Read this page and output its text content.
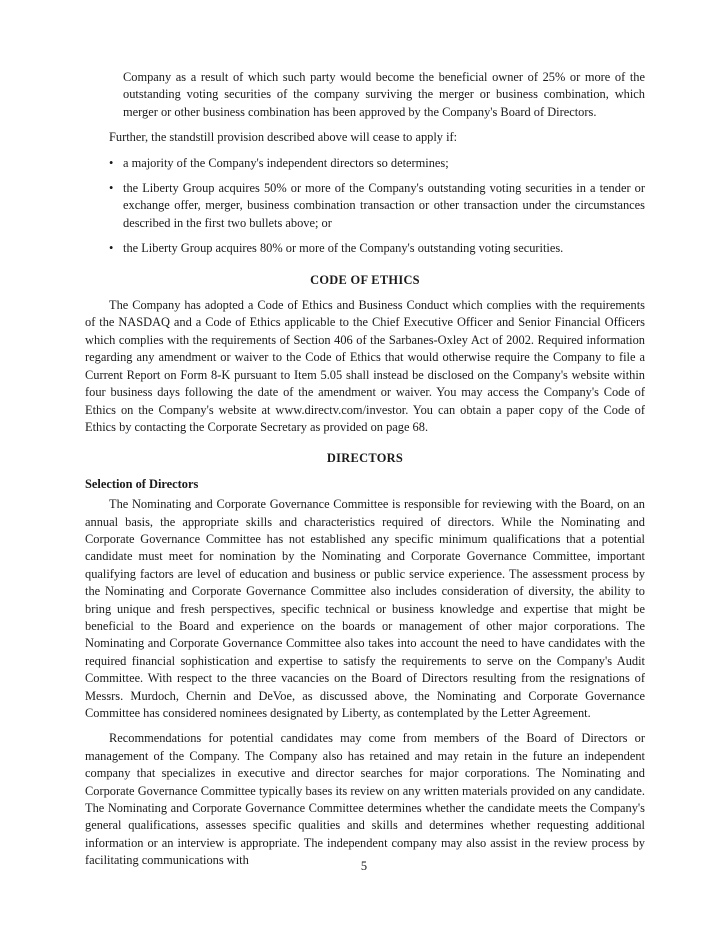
Company as a result of which such party would become the beneficial owner of 25% or more of the outstanding voting securities of the company surviving the merger or business combination, which merger or other business combination has been approved by the Company's Board of Directors.

Further, the standstill provision described above will cease to apply if:

• a majority of the Company's independent directors so determines;
• the Liberty Group acquires 50% or more of the Company's outstanding voting securities in a tender or exchange offer, merger, business combination transaction or other transaction under the circumstances described in the first two bullets above; or
• the Liberty Group acquires 80% or more of the Company's outstanding voting securities.
CODE OF ETHICS

The Company has adopted a Code of Ethics and Business Conduct which complies with the requirements of the NASDAQ and a Code of Ethics applicable to the Chief Executive Officer and Senior Financial Officers which complies with the requirements of Section 406 of the Sarbanes-Oxley Act of 2002. Required information regarding any amendment or waiver to the Code of Ethics that would otherwise require the Company to file a Current Report on Form 8-K pursuant to Item 5.05 shall instead be disclosed on the Company's website within four business days following the date of the amendment or waiver. You may access the Company's Code of Ethics on the Company's website at www.directv.com/investor. You can obtain a paper copy of the Code of Ethics by contacting the Corporate Secretary as provided on page 68.

DIRECTORS
Selection of Directors

The Nominating and Corporate Governance Committee is responsible for reviewing with the Board, on an annual basis, the appropriate skills and characteristics required of directors. While the Nominating and Corporate Governance Committee has not established any specific minimum qualifications that a potential candidate must meet for nomination by the Nominating and Corporate Governance Committee, important qualifying factors are level of education and business or public service experience. The assessment process by the Nominating and Corporate Governance Committee also includes consideration of diversity, the ability to bring unique and fresh perspectives, specific technical or business knowledge and expertise that might be beneficial to the Board and experience on the boards or management of other major corporations. The Nominating and Corporate Governance Committee also takes into account the need to have candidates with the required financial sophistication and expertise to satisfy the requirements to serve on the Company's Audit Committee. With respect to the three vacancies on the Board of Directors resulting from the resignations of Messrs. Murdoch, Chernin and DeVoe, as discussed above, the Nominating and Corporate Governance Committee has considered nominees designated by Liberty, as contemplated by the Letter Agreement.

Recommendations for potential candidates may come from members of the Board of Directors or management of the Company. The Company also has retained and may retain in the future an independent company that specializes in executive and director searches for major corporations. The Nominating and Corporate Governance Committee typically bases its review on any written materials provided on any candidate. The Nominating and Corporate Governance Committee determines whether the candidate meets the Company's general qualifications, assesses specific qualities and skills and determines whether requesting additional information or an interview is appropriate. The independent company may also assist in the review process by facilitating communications with	5
